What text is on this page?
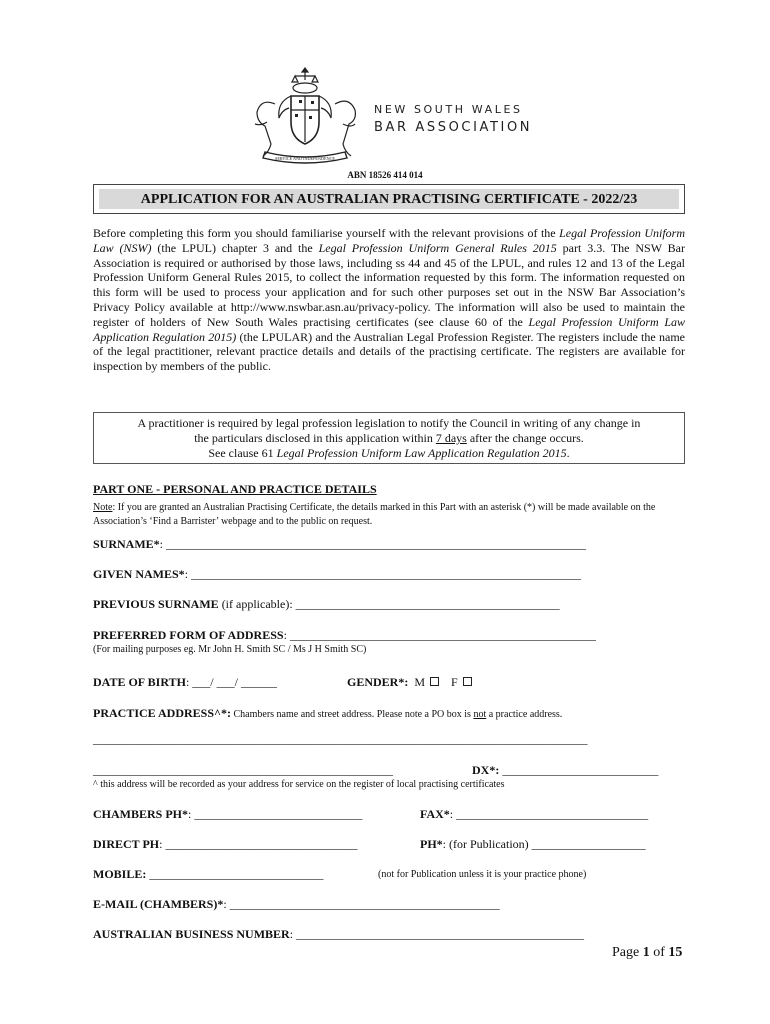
SERVICE AND INDEPENDENCE
NEW SOUTH WALES
BAR ASSOCIATION
ABN 18526 414 014
APPLICATION FOR AN AUSTRALIAN PRACTISING CERTIFICATE - 2022/23

Before completing this form you should familiarise yourself with the relevant provisions of the Legal Profession Uniform Law (NSW) (the LPUL) chapter 3 and the Legal Profession Uniform General Rules 2015 part 3.3. The NSW Bar Association is required or authorised by those laws, including ss 44 and 45 of the LPUL, and rules 12 and 13 of the Legal Profession Uniform General Rules 2015, to collect the information requested by this form. The information requested on this form will be used to process your application and for such other purposes set out in the NSW Bar Association’s Privacy Policy available at http://www.nswbar.asn.au/privacy-policy. The information will also be used to maintain the register of holders of New South Wales practising certificates (see clause 60 of the Legal Profession Uniform Law Application Regulation 2015) (the LPULAR) and the Australian Legal Profession Register. The registers include the name of the legal practitioner, relevant practice details and details of the practising certificate. The registers are available for inspection by members of the public.

A practitioner is required by legal profession legislation to notify the Council in writing of any change in

the particulars disclosed in this application within 7 days after the change occurs.

See clause 61 Legal Profession Uniform Law Application Regulation 2015.

PART ONE - PERSONAL AND PRACTICE DETAILS
Note: If you are granted an Australian Practising Certificate, the details marked in this Part with an asterisk (*) will be made available on the Association’s ‘Find a Barrister’ webpage and to the public on request.
SURNAME*: ______________________________________________________________________
GIVEN NAMES*: _________________________________________________________________
PREVIOUS SURNAME (if applicable): ____________________________________________
PREFERRED FORM OF ADDRESS: ___________________________________________________
(For mailing purposes eg. Mr John H. Smith SC / Ms J H Smith SC)
DATE OF BIRTH: ___/ ___/ ______	GENDER*: M F
PRACTICE ADDRESS^*: Chambers name and street address. Please note a PO box is not a practice address.
______________________________________________________________________________________
__________________________________________________	DX*: __________________________
^ this address will be recorded as your address for service on the register of local practising certificates
CHAMBERS PH*: ____________________________	FAX*: ________________________________
DIRECT PH: ________________________________	PH*: (for Publication) ___________________
MOBILE: _____________________________	(not for Publication unless it is your practice phone)
E-MAIL (CHAMBERS)*: _____________________________________________
AUSTRALIAN BUSINESS NUMBER: ________________________________________________
Page 1 of 15
